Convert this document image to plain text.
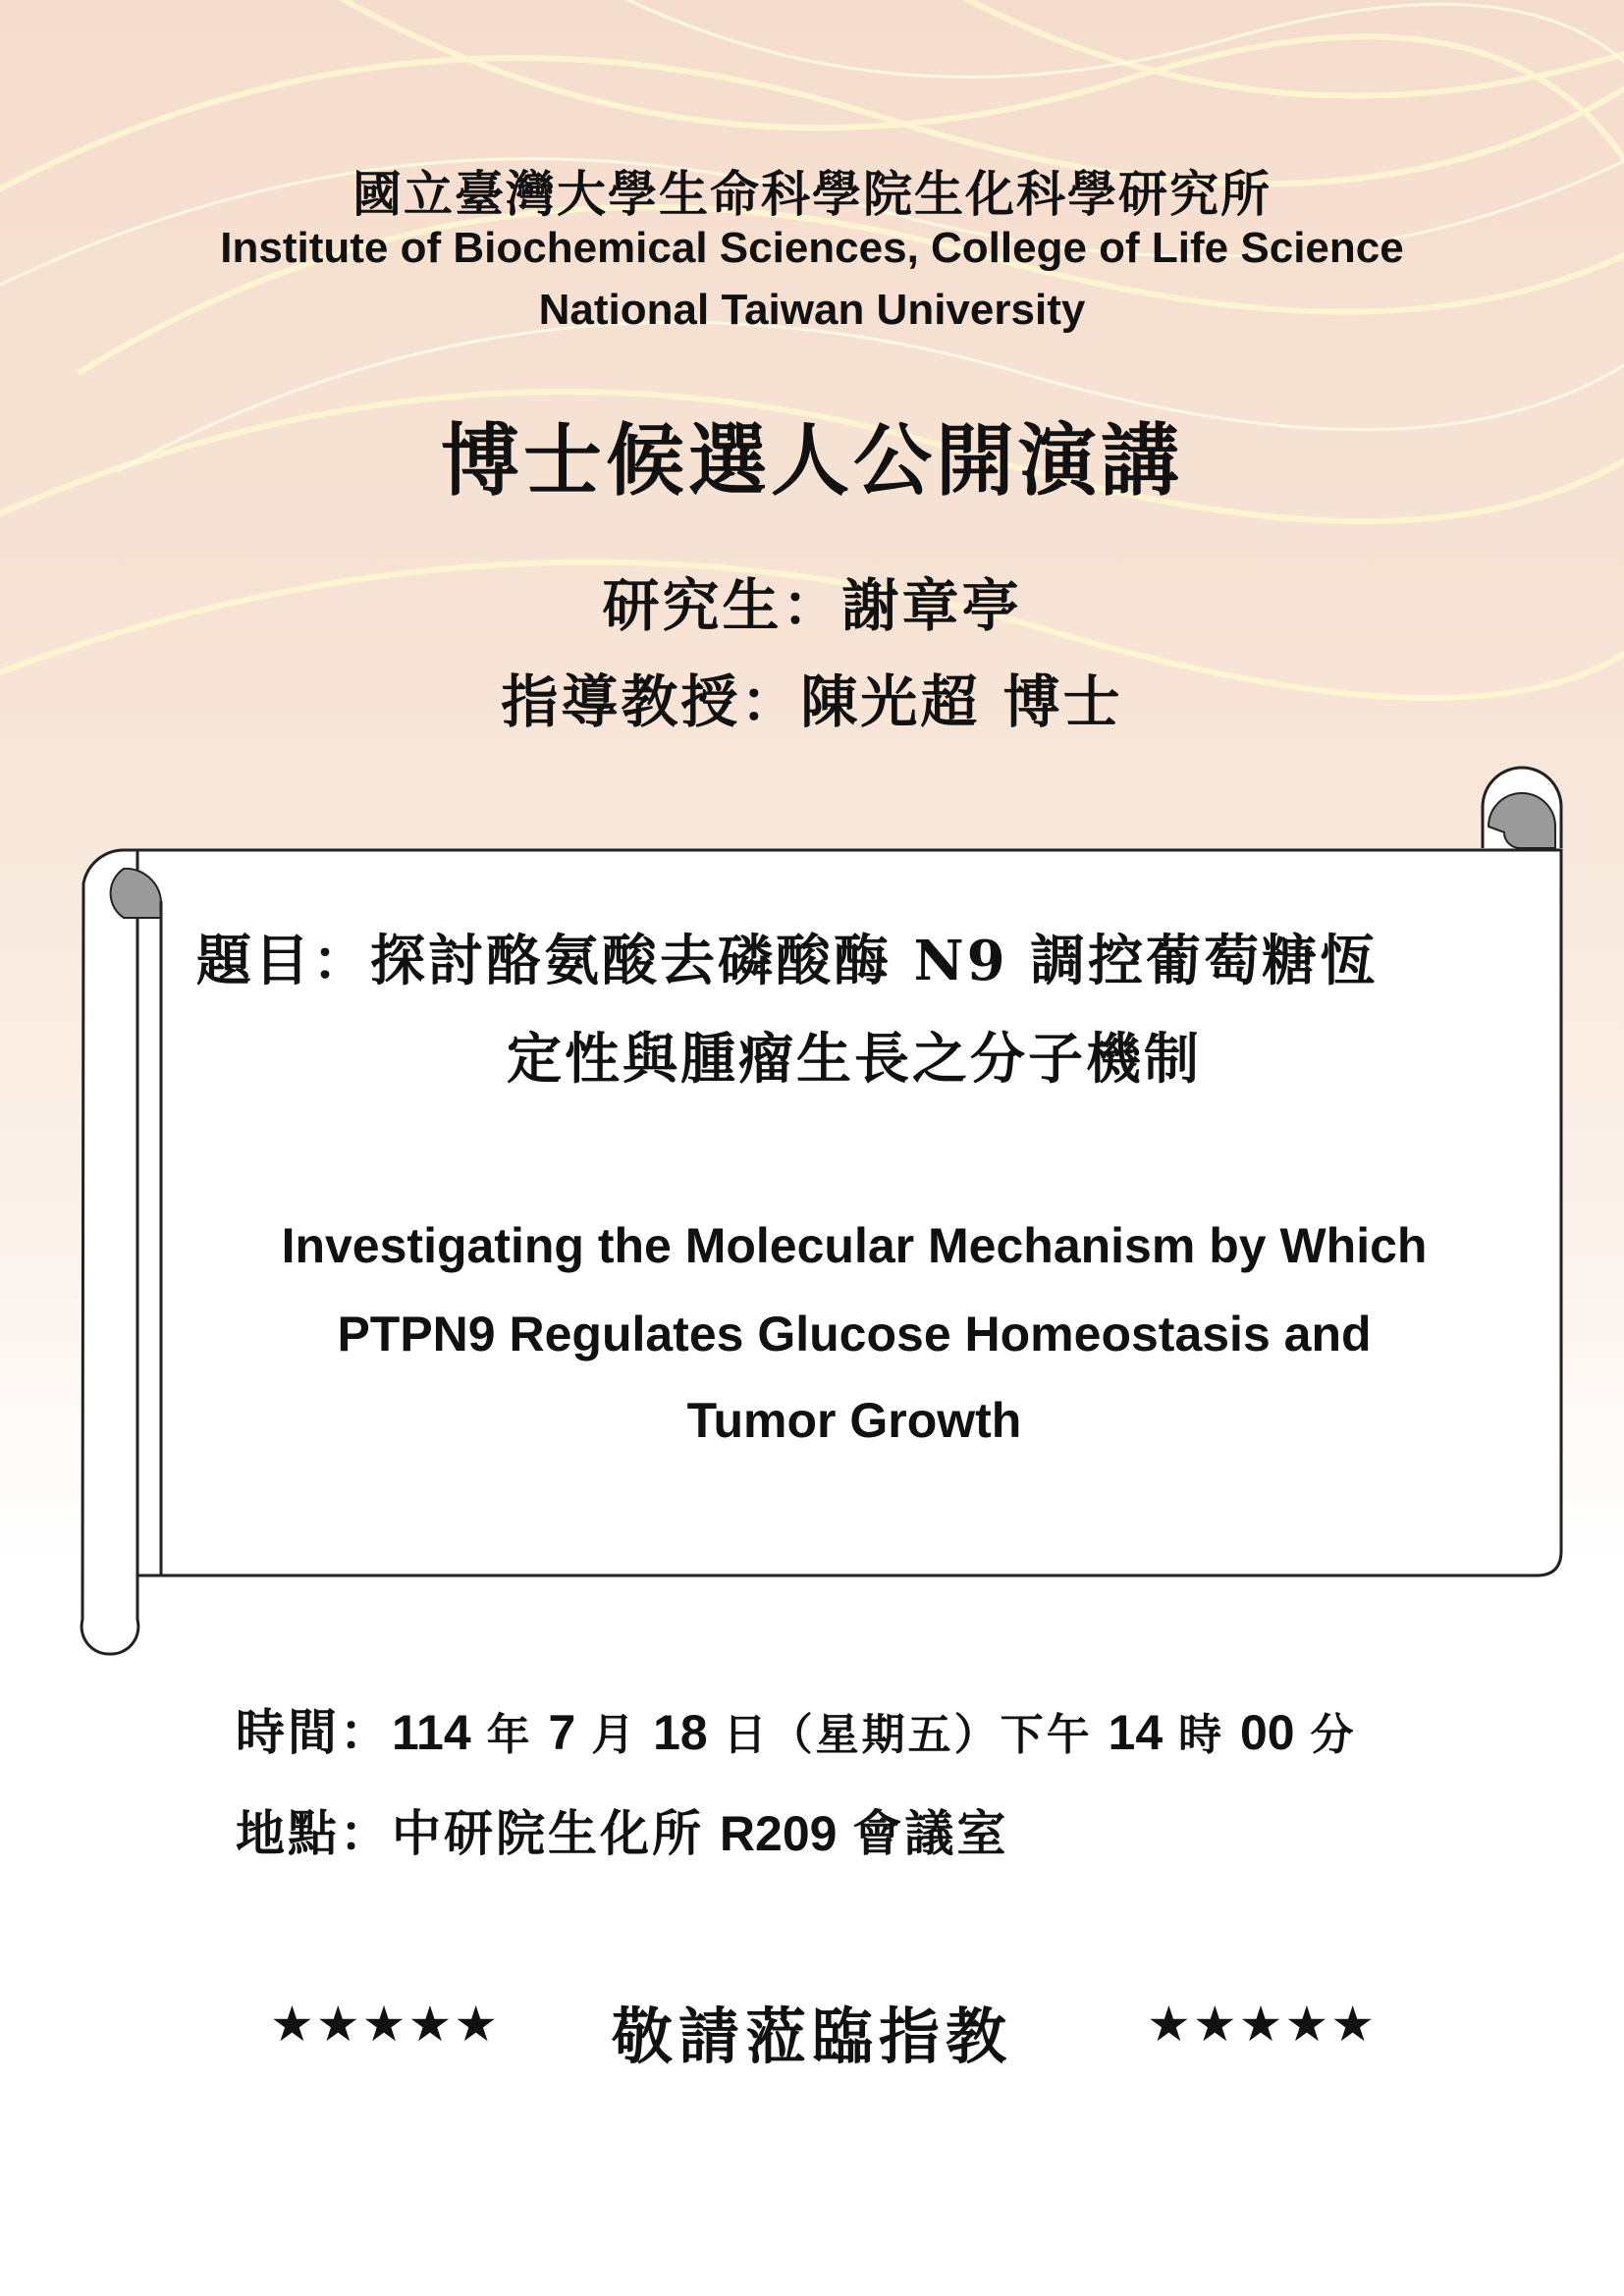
國立臺灣大學生命科學院生化科學研究所
Institute of Biochemical Sciences, College of Life Science
National Taiwan University
博士候選人公開演講
研究生：謝章亭
指導教授：陳光超 博士
題目：探討酪氨酸去磷酸酶 N9 調控葡萄糖恆
定性與腫瘤生長之分子機制
Investigating the Molecular Mechanism by Which
PTPN9 Regulates Glucose Homeostasis and
Tumor Growth
時間：114 年 7 月 18 日（星期五）下午 14 時 00 分
地點：中研院生化所 R209 會議室
★★★★★	敬請蒞臨指教	★★★★★
